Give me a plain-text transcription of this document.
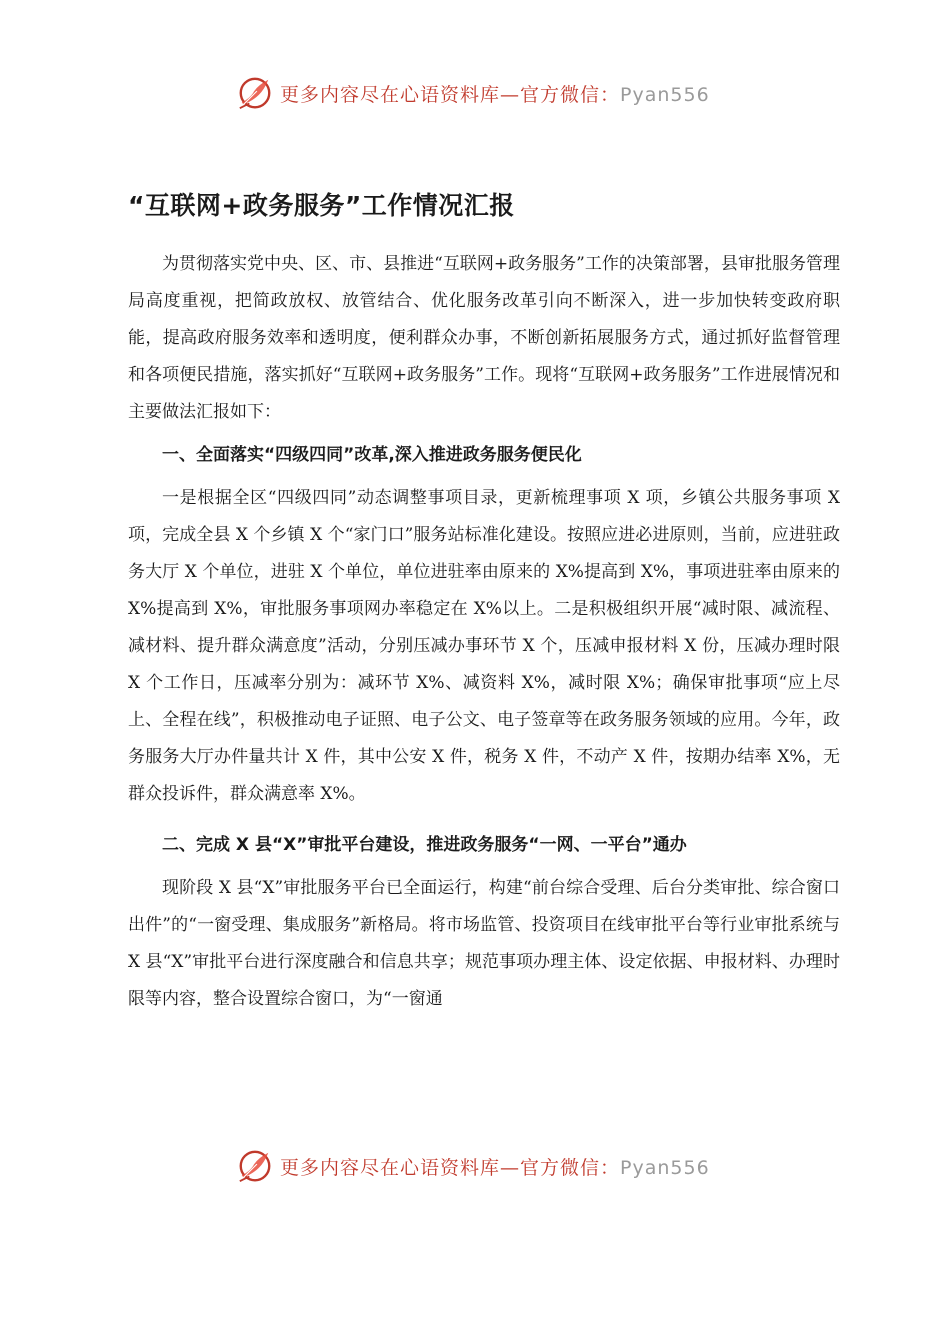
更多内容尽在心语资料库—官方微信：Pyan556
“互联网+政务服务”工作情况汇报

为贯彻落实党中央、区、市、县推进“互联网+政务服务”工作的决策部署，县审批服务管理局高度重视，把简政放权、放管结合、优化服务改革引向不断深入，进一步加快转变政府职能，提高政府服务效率和透明度，便利群众办事，不断创新拓展服务方式，通过抓好监督管理和各项便民措施，落实抓好“互联网+政务服务”工作。现将“互联网+政务服务”工作进展情况和主要做法汇报如下：

一、全面落实“四级四同”改革,深入推进政务服务便民化

一是根据全区“四级四同”动态调整事项目录，更新梳理事项 X 项，乡镇公共服务事项 X 项，完成全县 X 个乡镇 X 个“家门口”服务站标准化建设。按照应进必进原则，当前，应进驻政务大厅 X 个单位，进驻 X 个单位，单位进驻率由原来的 X%提高到 X%，事项进驻率由原来的 X%提高到 X%，审批服务事项网办率稳定在 X%以上。二是积极组织开展“减时限、减流程、减材料、提升群众满意度”活动，分别压减办事环节 X 个，压减申报材料 X 份，压减办理时限 X 个工作日，压减率分别为：减环节 X%、减资料 X%，减时限 X%；确保审批事项“应上尽上、全程在线”，积极推动电子证照、电子公文、电子签章等在政务服务领域的应用。今年，政务服务大厅办件量共计 X 件，其中公安 X 件，税务 X 件，不动产 X 件，按期办结率 X%，无群众投诉件，群众满意率 X%。

二、完成 X 县“X”审批平台建设，推进政务服务“一网、一平台”通办

现阶段 X 县“X”审批服务平台已全面运行，构建“前台综合受理、后台分类审批、综合窗口出件”的“一窗受理、集成服务”新格局。将市场监管、投资项目在线审批平台等行业审批系统与 X 县“X”审批平台进行深度融合和信息共享；规范事项办理主体、设定依据、申报材料、办理时限等内容，整合设置综合窗口，为“一窗通

更多内容尽在心语资料库—官方微信：Pyan556
